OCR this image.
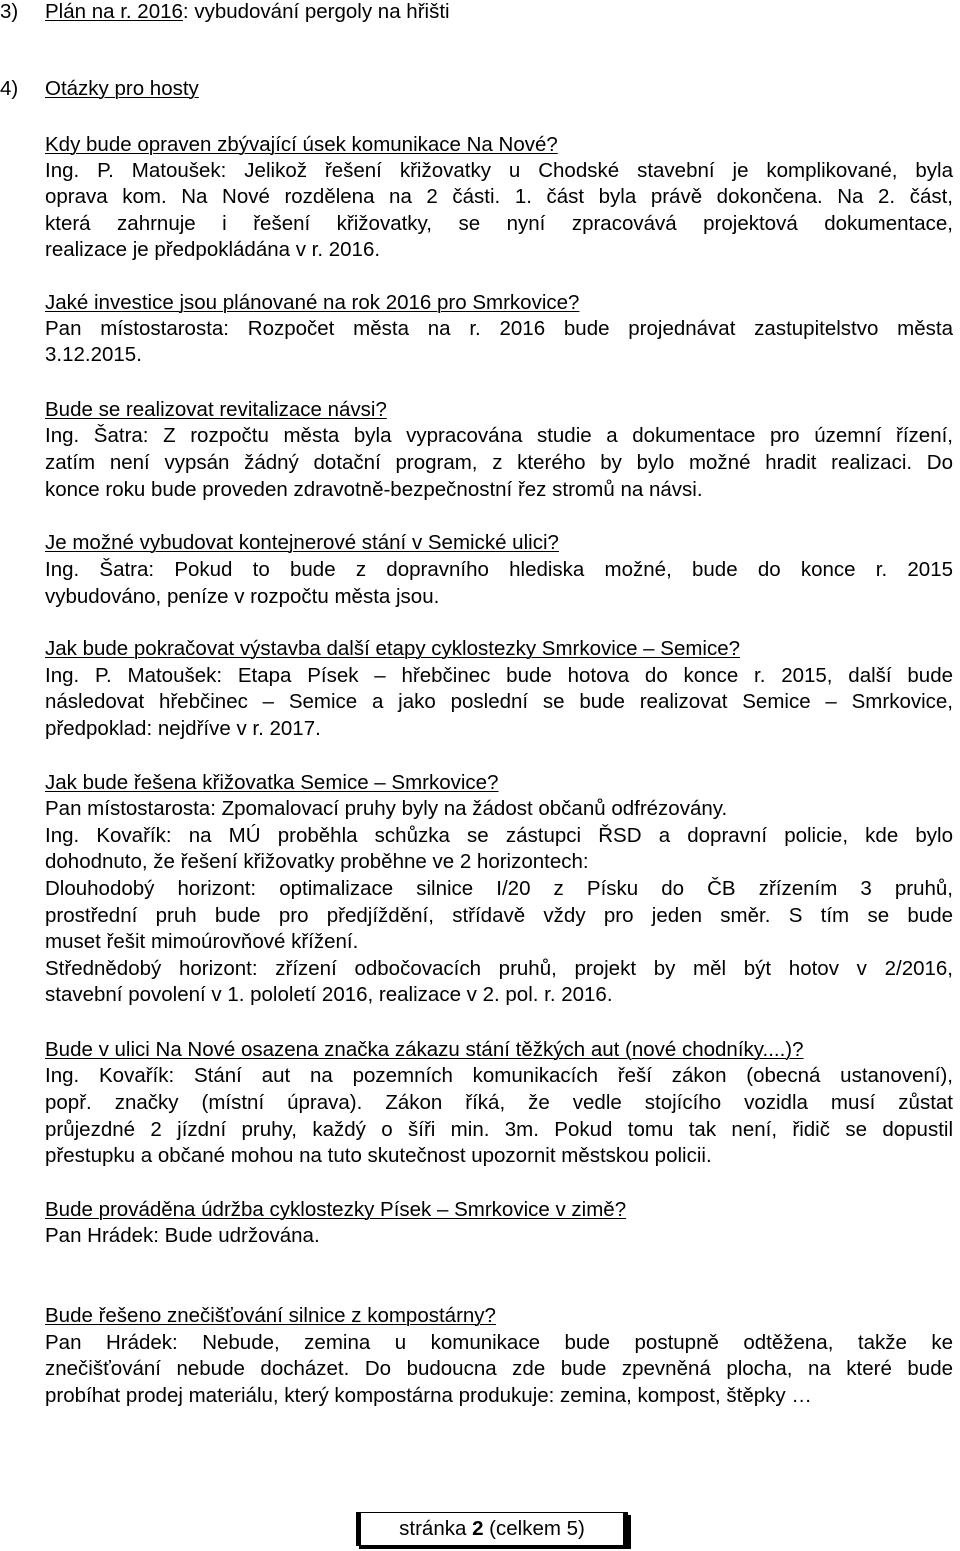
3) Plán na r. 2016: vybudování pergoly na hřišti
4) Otázky pro hosty
Kdy bude opraven zbývající úsek komunikace Na Nové?
Ing. P. Matoušek: Jelikož řešení křižovatky u Chodské stavební je komplikované, byla
oprava kom. Na Nové rozdělena na 2 části. 1. část byla právě dokončena. Na 2. část,
která zahrnuje i řešení křižovatky, se nyní zpracovává projektová dokumentace,
realizace je předpokládána v r. 2016.
Jaké investice jsou plánované na rok 2016 pro Smrkovice?
Pan místostarosta: Rozpočet města na r. 2016 bude projednávat zastupitelstvo města
3.12.2015.
Bude se realizovat revitalizace návsi?
Ing. Šatra: Z rozpočtu města byla vypracována studie a dokumentace pro územní řízení,
zatím není vypsán žádný dotační program, z kterého by bylo možné hradit realizaci. Do
konce roku bude proveden zdravotně-bezpečnostní řez stromů na návsi.
Je možné vybudovat kontejnerové stání v Semické ulici?
Ing. Šatra: Pokud to bude z dopravního hlediska možné, bude do konce r. 2015
vybudováno, peníze v rozpočtu města jsou.
Jak bude pokračovat výstavba další etapy cyklostezky Smrkovice – Semice?
Ing. P. Matoušek: Etapa Písek – hřebčinec bude hotova do konce r. 2015, další bude
následovat hřebčinec – Semice a jako poslední se bude realizovat Semice – Smrkovice,
předpoklad: nejdříve v r. 2017.
Jak bude řešena křižovatka Semice – Smrkovice?
Pan místostarosta: Zpomalovací pruhy byly na žádost občanů odfrézovány.
Ing. Kovařík: na MÚ proběhla schůzka se zástupci ŘSD a dopravní policie, kde bylo
dohodnuto, že řešení křižovatky proběhne ve 2 horizontech:
Dlouhodobý horizont: optimalizace silnice I/20 z Písku do ČB zřízením 3 pruhů,
prostřední pruh bude pro předjíždění, střídavě vždy pro jeden směr. S tím se bude
muset řešit mimoúrovňové křížení.
Střednědobý horizont: zřízení odbočovacích pruhů, projekt by měl být hotov v 2/2016,
stavební povolení v 1. pololetí 2016, realizace v 2. pol. r. 2016.
Bude v ulici Na Nové osazena značka zákazu stání těžkých aut (nové chodníky....)?
Ing. Kovařík: Stání aut na pozemních komunikacích řeší zákon (obecná ustanovení),
popř. značky (místní úprava). Zákon říká, že vedle stojícího vozidla musí zůstat
průjezdné 2 jízdní pruhy, každý o šíři min. 3m. Pokud tomu tak není, řidič se dopustil
přestupku a občané mohou na tuto skutečnost upozornit městskou policii.
Bude prováděna údržba cyklostezky Písek – Smrkovice v zimě?
Pan Hrádek: Bude udržována.
Bude řešeno znečišťování silnice z kompostárny?
Pan Hrádek: Nebude, zemina u komunikace bude postupně odtěžena, takže ke
znečišťování nebude docházet. Do budoucna zde bude zpevněná plocha, na které bude
probíhat prodej materiálu, který kompostárna produkuje: zemina, kompost, štěpky …
stránka 2 (celkem 5)
